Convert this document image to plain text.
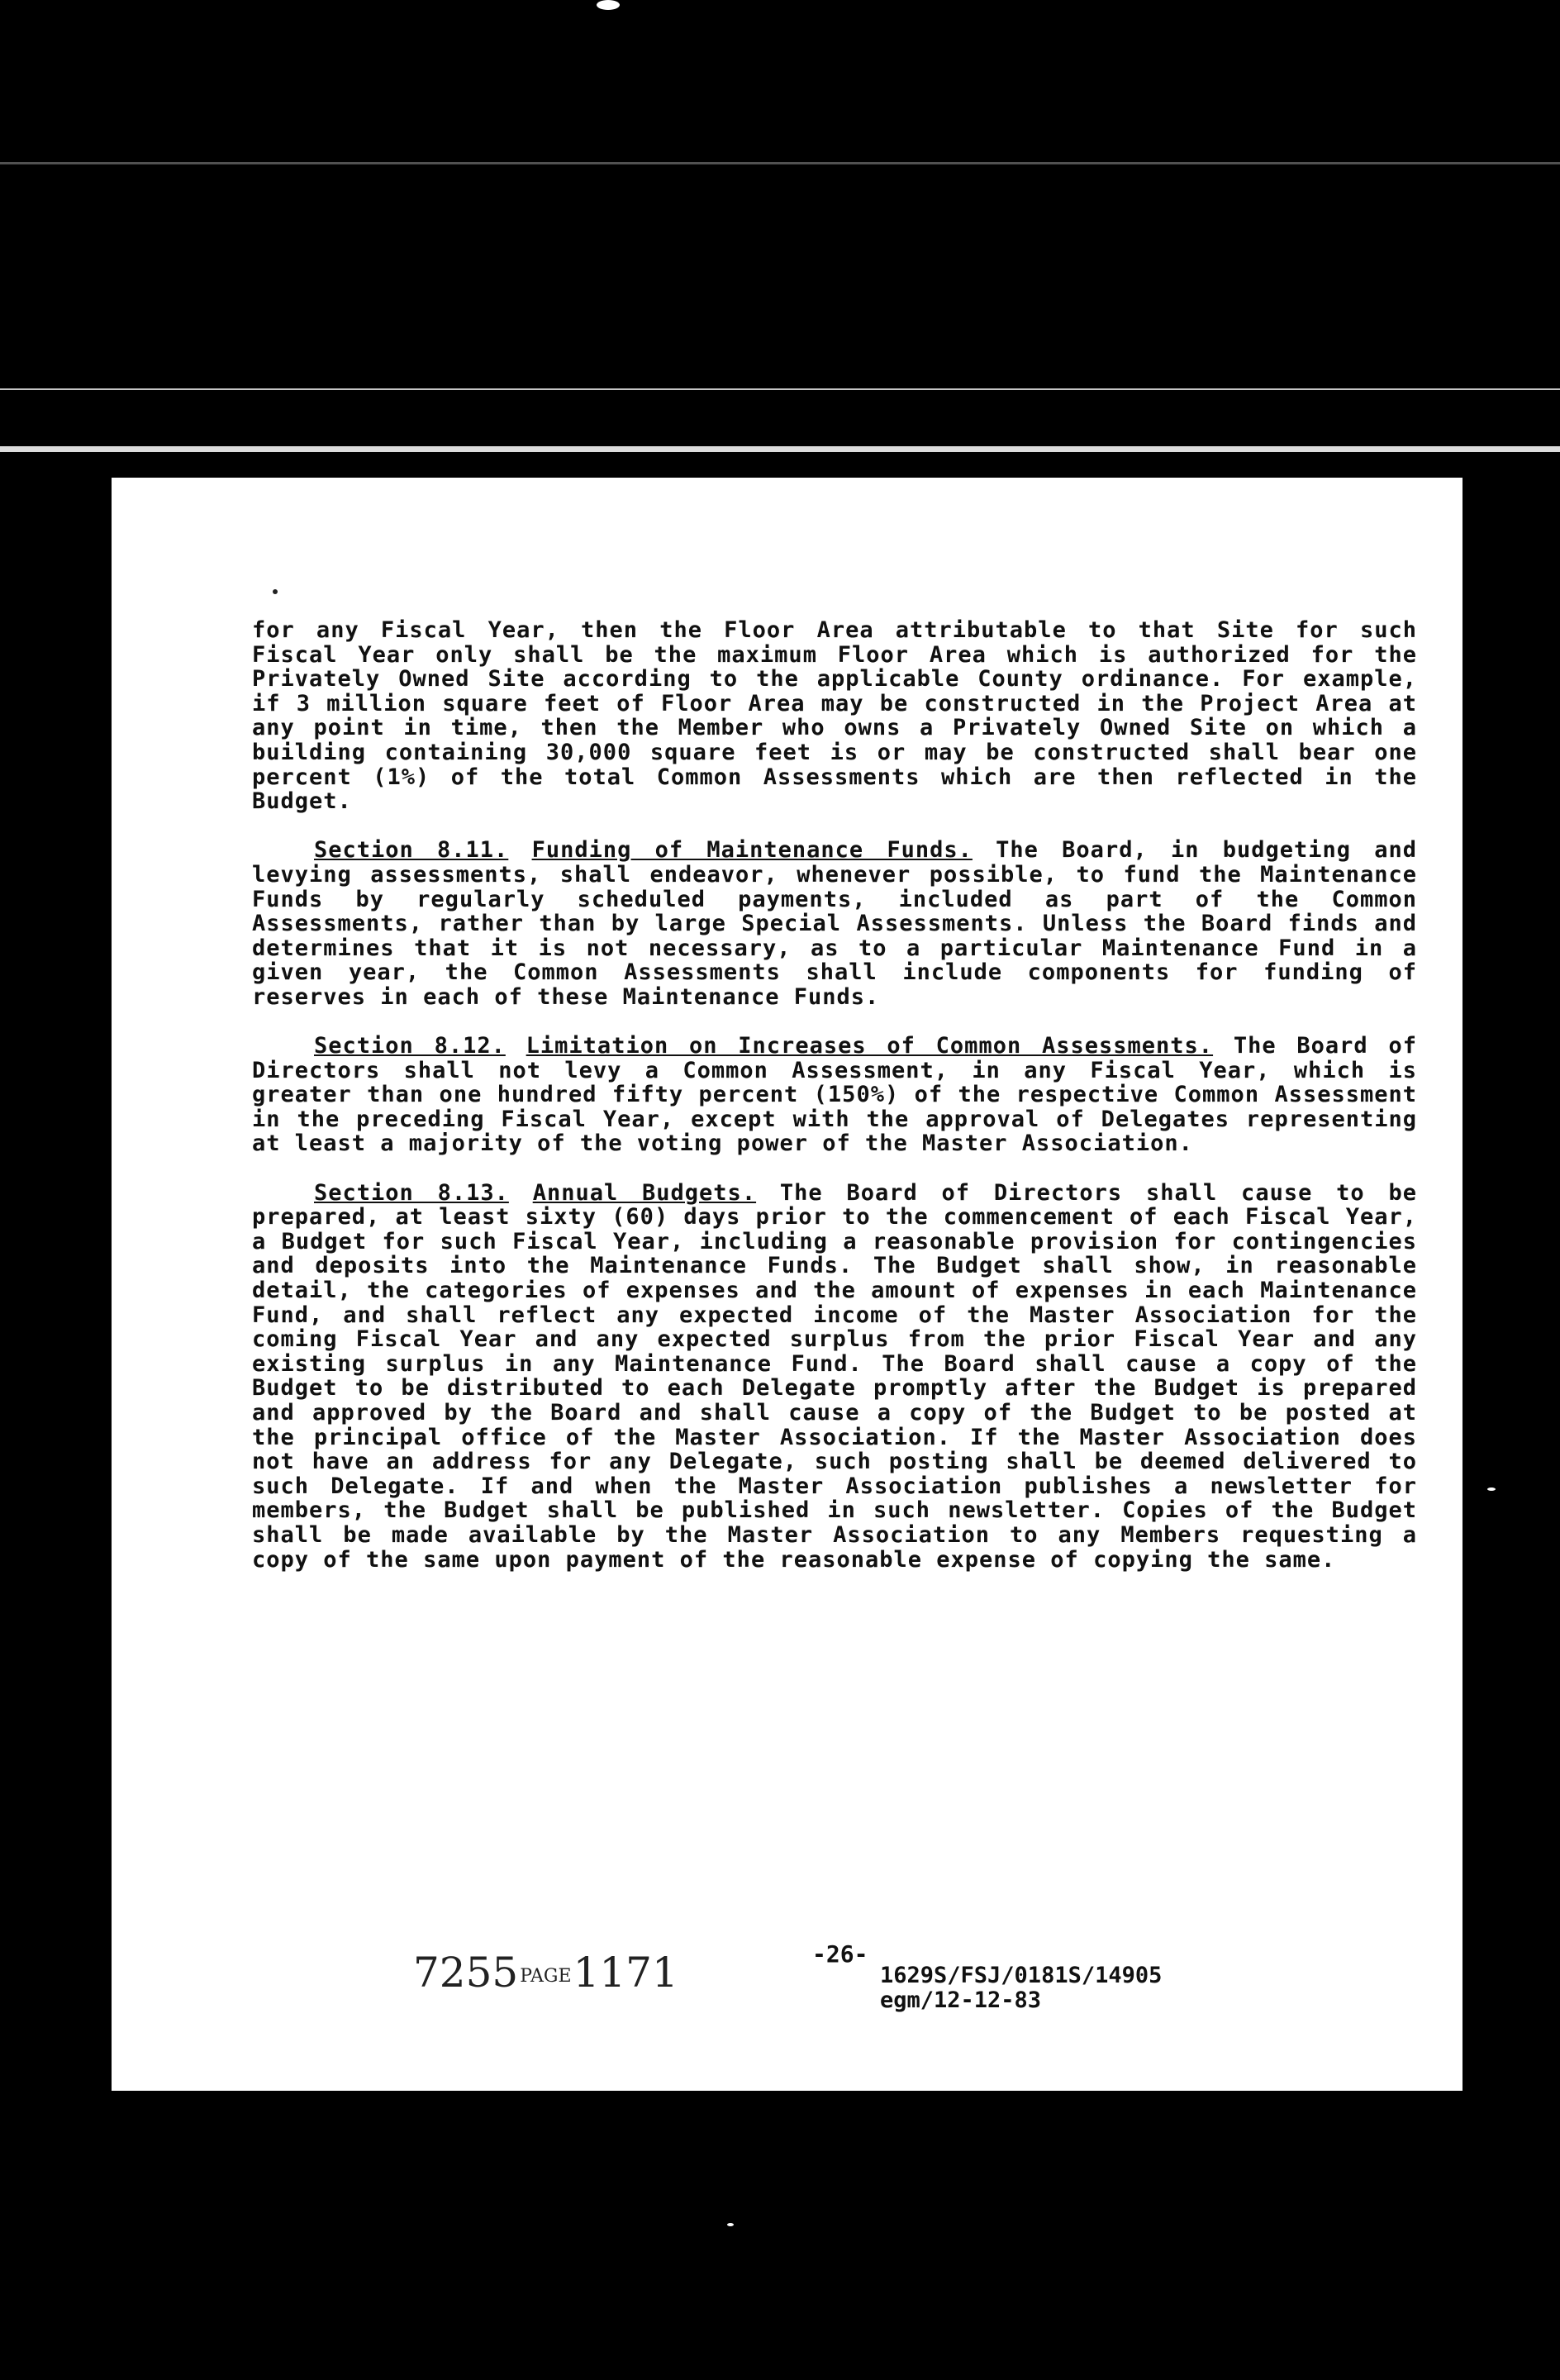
for any Fiscal Year, then the Floor Area attributable to that Site for such Fiscal Year only shall be the maximum Floor Area which is authorized for the Privately Owned Site according to the applicable County ordinance. For example, if 3 million square feet of Floor Area may be constructed in the Project Area at any point in time, then the Member who owns a Privately Owned Site on which a building containing 30,000 square feet is or may be constructed shall bear one percent (1%) of the total Common Assessments which are then reflected in the Budget.

Section 8.11. Funding of Maintenance Funds. The Board, in budgeting and levying assessments, shall endeavor, whenever possible, to fund the Maintenance Funds by regularly scheduled payments, included as part of the Common Assessments, rather than by large Special Assessments. Unless the Board finds and determines that it is not necessary, as to a particular Maintenance Fund in a given year, the Common Assessments shall include components for funding of reserves in each of these Maintenance Funds.

Section 8.12. Limitation on Increases of Common Assessments. The Board of Directors shall not levy a Common Assessment, in any Fiscal Year, which is greater than one hundred fifty percent (150%) of the respective Common Assessment in the preceding Fiscal Year, except with the approval of Delegates representing at least a majority of the voting power of the Master Association.

Section 8.13. Annual Budgets. The Board of Directors shall cause to be prepared, at least sixty (60) days prior to the commencement of each Fiscal Year, a Budget for such Fiscal Year, including a reasonable provision for contingencies and deposits into the Maintenance Funds. The Budget shall show, in reasonable detail, the categories of expenses and the amount of expenses in each Maintenance Fund, and shall reflect any expected income of the Master Association for the coming Fiscal Year and any expected surplus from the prior Fiscal Year and any existing surplus in any Maintenance Fund. The Board shall cause a copy of the Budget to be distributed to each Delegate promptly after the Budget is prepared and approved by the Board and shall cause a copy of the Budget to be posted at the principal office of the Master Association. If the Master Association does not have an address for any Delegate, such posting shall be deemed delivered to such Delegate. If and when the Master Association publishes a newsletter for members, the Budget shall be published in such newsletter. Copies of the Budget shall be made available by the Master Association to any Members requesting a copy of the same upon payment of the reasonable expense of copying the same.

-26-
7255PAGE1171	1629S/FSJ/0181S/14905
egm/12-12-83
